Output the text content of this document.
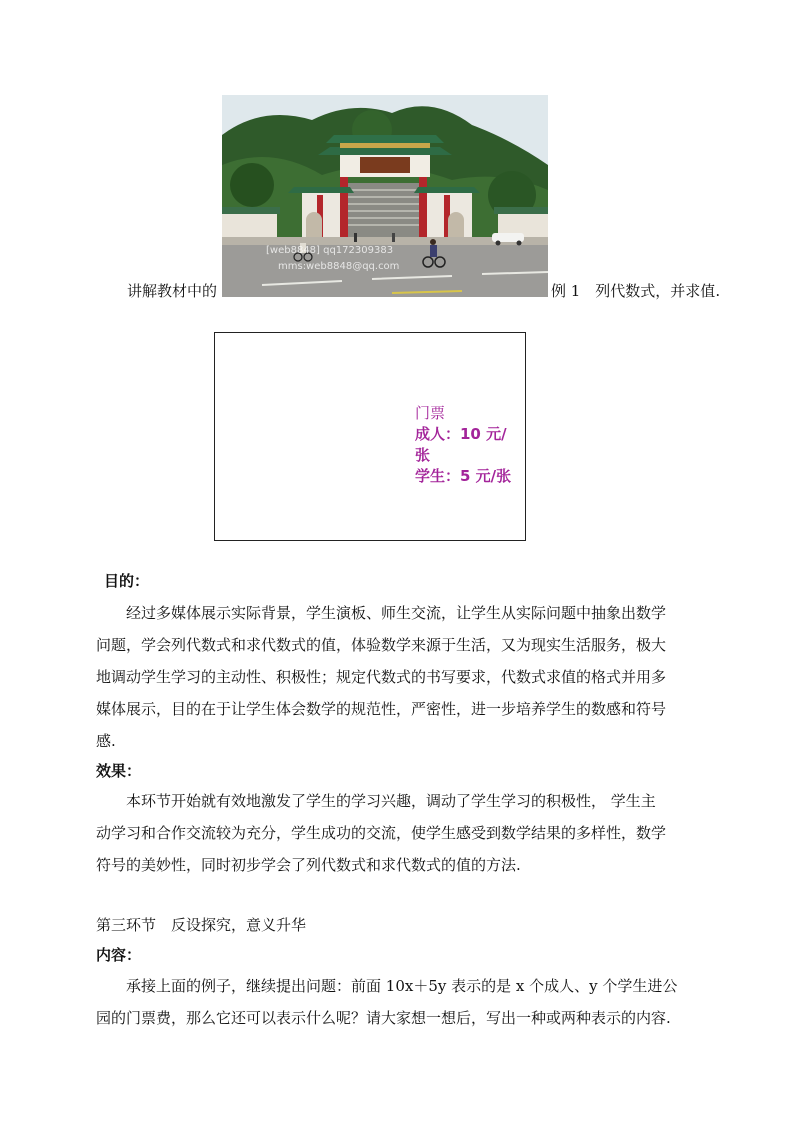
[web8848] qq172309383
mms:web8848@qq.com
讲解教材中的	例 1　列代数式，并求值.
门票
成人：10 元/
张
学生：5 元/张
目的：
经过多媒体展示实际背景，学生演板、师生交流，让学生从实际问题中抽象出数学
问题，学会列代数式和求代数式的值，体验数学来源于生活，又为现实生活服务，极大
地调动学生学习的主动性、积极性；规定代数式的书写要求，代数式求值的格式并用多
媒体展示，目的在于让学生体会数学的规范性，严密性，进一步培养学生的数感和符号
感.
效果：
本环节开始就有效地激发了学生的学习兴趣，调动了学生学习的积极性， 学生主
动学习和合作交流较为充分，学生成功的交流，使学生感受到数学结果的多样性，数学
符号的美妙性，同时初步学会了列代数式和求代数式的值的方法.
第三环节　反设探究，意义升华
内容：
承接上面的例子，继续提出问题：前面 10x＋5y 表示的是 x 个成人、y 个学生进公
园的门票费，那么它还可以表示什么呢？请大家想一想后，写出一种或两种表示的内容.
